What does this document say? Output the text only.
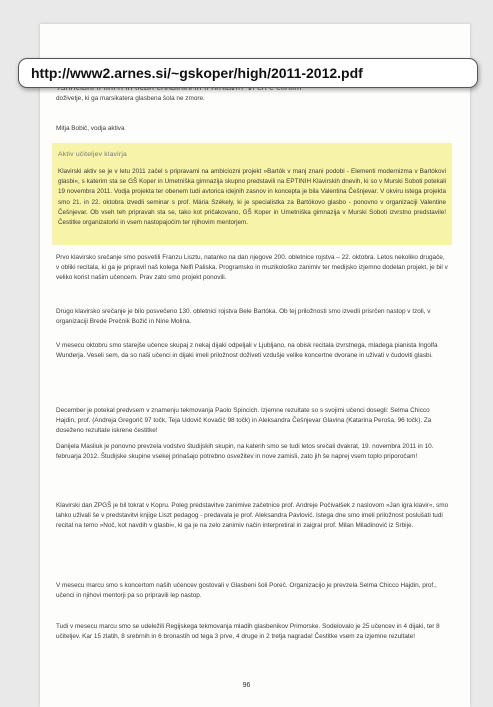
http://www2.arnes.si/~gskoper/high/2011-2012.pdf

doživetje, ki ga marsikatera glasbena šola ne zmore.

Mitja Bobič, vodja aktiva

Aktiv učiteljev klavirja
Klavirski aktiv se je v letu 2011 začel s pripravami na ambiciozni projekt »Bartók v manj znani podobi - Elementi modernizma v Bartókovi glasbi«, s katerim sta se GŠ Koper in Umetniška gimnazija skupno predstavili na EPTINIH Klavirskih dnevih, ki so v Murski Soboti potekali 19 novembra 2011. Vodja projekta ter obenem tudi avtorica idejnih zasnov in koncepta je bila Valentina Češnjevar. V okviru istega projekta smo 21. in 22. oktobra izvedli seminar s prof. Mária Székely, ki je specialistka za Bartókovo glasbo - ponovno v organizaciji Valentine Češnjevar. Ob vseh teh pripravah sta se, tako kot pričakovano, GŠ Koper in Umetniška gimnazija v Murski Soboti izvrstno predstavile! Čestitke organizatorki in vsem nastopajočim ter njihovim mentorjem.

Prvo klavirsko srečanje smo posvetili Franzu Lisztu, natanko na dan njegove 200. obletnice rojstva – 22. oktobra. Letos nekoliko drugače, v obliki recitala, ki ga je pripravil naš kolega Nelfi Paliska. Programsko in muzikološko zanimiv ter medijsko izjemno dodelan projekt, je bil v veliko korist našim učencem. Prav zato smo projekt ponovili.

Drugo klavirsko srečanje je bilo posvečeno 130. obletnici rojstva Bele Bartóka. Ob tej priložnosti smo izvedli prisrčen nastop v Izoli, v organizaciji Brede Prečnik Božič in Nine Molina.

V mesecu oktobru smo starejše učence skupaj z nekaj dijaki odpeljali v Ljubljano, na obisk recitala izvrstnega, mladega pianista Ingolfa Wunderja. Veseli sem, da so naši učenci in dijaki imeli priložnost doživeti vzdušje velike koncertne dvorane in uživati v čudoviti glasbi.

December je potekal predvsem v znamenju tekmovanja Paolo Spincich. Izjemne rezultate so s svojimi učenci dosegli: Selma Chicco Hajdin, prof. (Andreja Gregorič 97 točk, Teja Udovič Kovačič 98 točk) in Aleksandra Češnjevar Glavina (Katarina Peroša, 96 točk). Za doseženo rezultate iskrene čestitke!

Danijela Masliuk je ponovno prevzela vodstvo študijskih skupin, na katerih smo se tudi letos srečali dvakrat, 19. novembra 2011 in 10. februarja 2012. Študijske skupine vsekej prinašajo potrebno osvežitev in nove zamisli, zato jih še naprej vsem toplo priporočam!

Klavirski dan ZPGŠ je bil tokrat v Kopru. Poleg predstavitve zanimive začetnice prof. Andreje Počivalšek z naslovom »Jan igra klavir«, smo lahko uživali še v predstavitvi knjige Liszt pedagog - predavala je prof. Aleksandra Pavlović. Istega dne smo imeli priložnost poslušati tudi recital na temo »Noč, kot navdih v glasbi«, ki ga je na zelo zanimiv način interpretiral in zaigral prof. Milan Miladinović iz Srbije.

V mesecu marcu smo s koncertom naših učencev gostovali v Glasbeni šoli Poreč. Organizacijo je prevzela Selma Chicco Hajdin, prof., učenci in njihovi mentorji pa so pripravili lep nastop.

Tudi v mesecu marcu smo se udeležili Regijskega tekmovanja mladih glasbenikov Primorske. Sodelovalo je 25 učencev in 4 dijaki, ter 8 učiteljev. Kar 15 zlatih, 8 srebrnih in 6 bronastih od tega 3 prve, 4 druge in 2 tretja nagrada! Čestitke vsem za izjemne rezultate!

96
